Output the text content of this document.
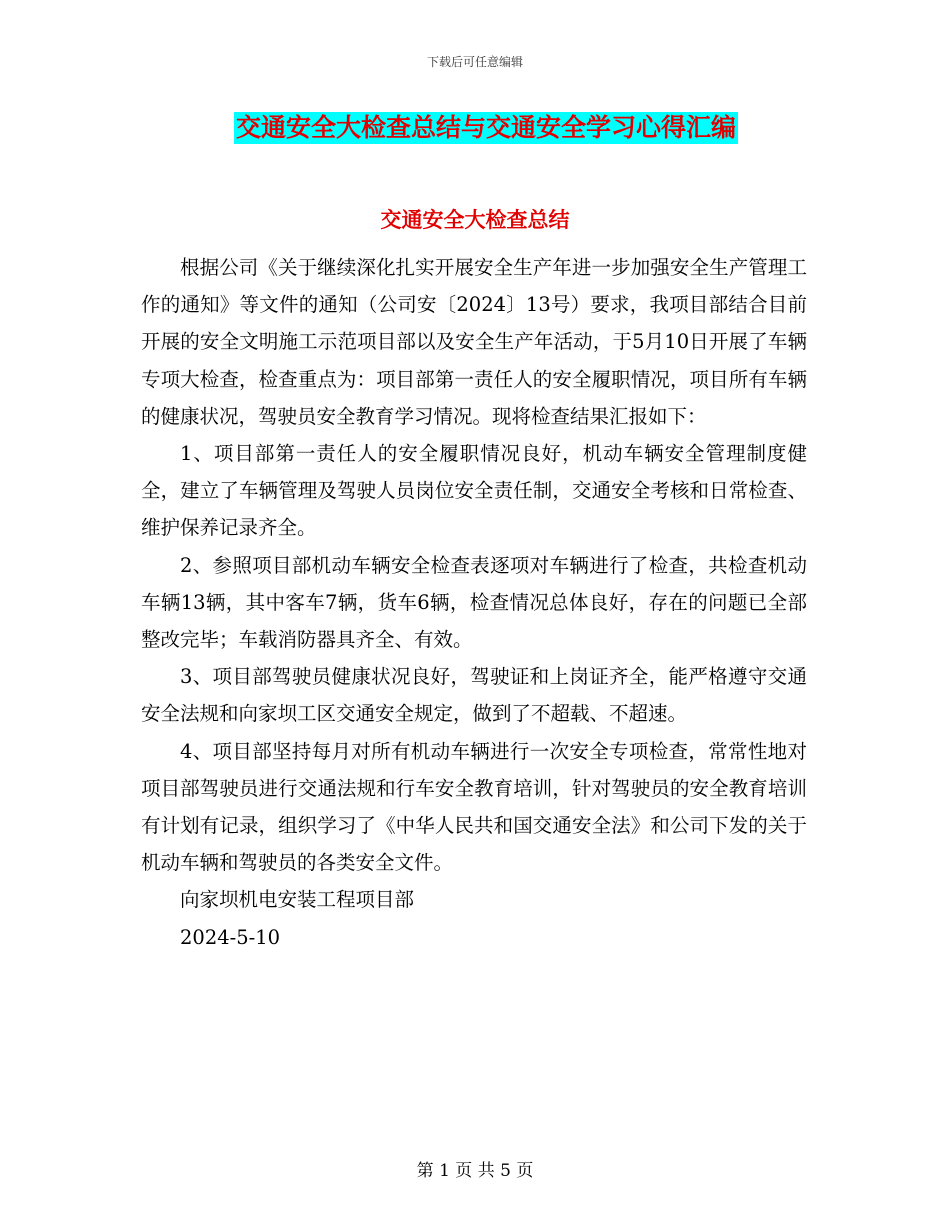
下载后可任意编辑
交通安全大检查总结与交通安全学习心得汇编
交通安全大检查总结

根据公司《关于继续深化扎实开展安全生产年进一步加强安全生产管理工作的通知》等文件的通知（公司安〔2024〕13号）要求，我项目部结合目前开展的安全文明施工示范项目部以及安全生产年活动，于5月10日开展了车辆专项大检查，检查重点为：项目部第一责任人的安全履职情况，项目所有车辆的健康状况，驾驶员安全教育学习情况。现将检查结果汇报如下：

1、项目部第一责任人的安全履职情况良好，机动车辆安全管理制度健全，建立了车辆管理及驾驶人员岗位安全责任制，交通安全考核和日常检查、维护保养记录齐全。

2、参照项目部机动车辆安全检查表逐项对车辆进行了检查，共检查机动车辆13辆，其中客车7辆，货车6辆，检查情况总体良好，存在的问题已全部整改完毕；车载消防器具齐全、有效。

3、项目部驾驶员健康状况良好，驾驶证和上岗证齐全，能严格遵守交通安全法规和向家坝工区交通安全规定，做到了不超载、不超速。

4、项目部坚持每月对所有机动车辆进行一次安全专项检查，常常性地对项目部驾驶员进行交通法规和行车安全教育培训，针对驾驶员的安全教育培训有计划有记录，组织学习了《中华人民共和国交通安全法》和公司下发的关于机动车辆和驾驶员的各类安全文件。

向家坝机电安装工程项目部

2024-5-10

第 1 页 共 5 页
